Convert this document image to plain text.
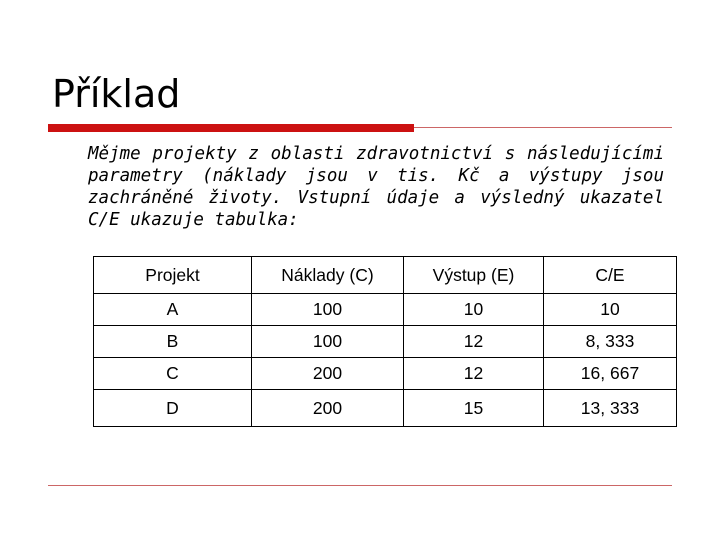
Příklad
Mějme projekty z oblasti zdravotnictví s následujícími parametry (náklady jsou v tis. Kč a výstupy jsou zachráněné životy. Vstupní údaje a výsledný ukazatel C/E ukazuje tabulka:
Projekt	Náklady (C)	Výstup (E)	C/E
A	100	10	10
B	100	12	8, 333
C	200	12	16, 667
D	200	15	13, 333
